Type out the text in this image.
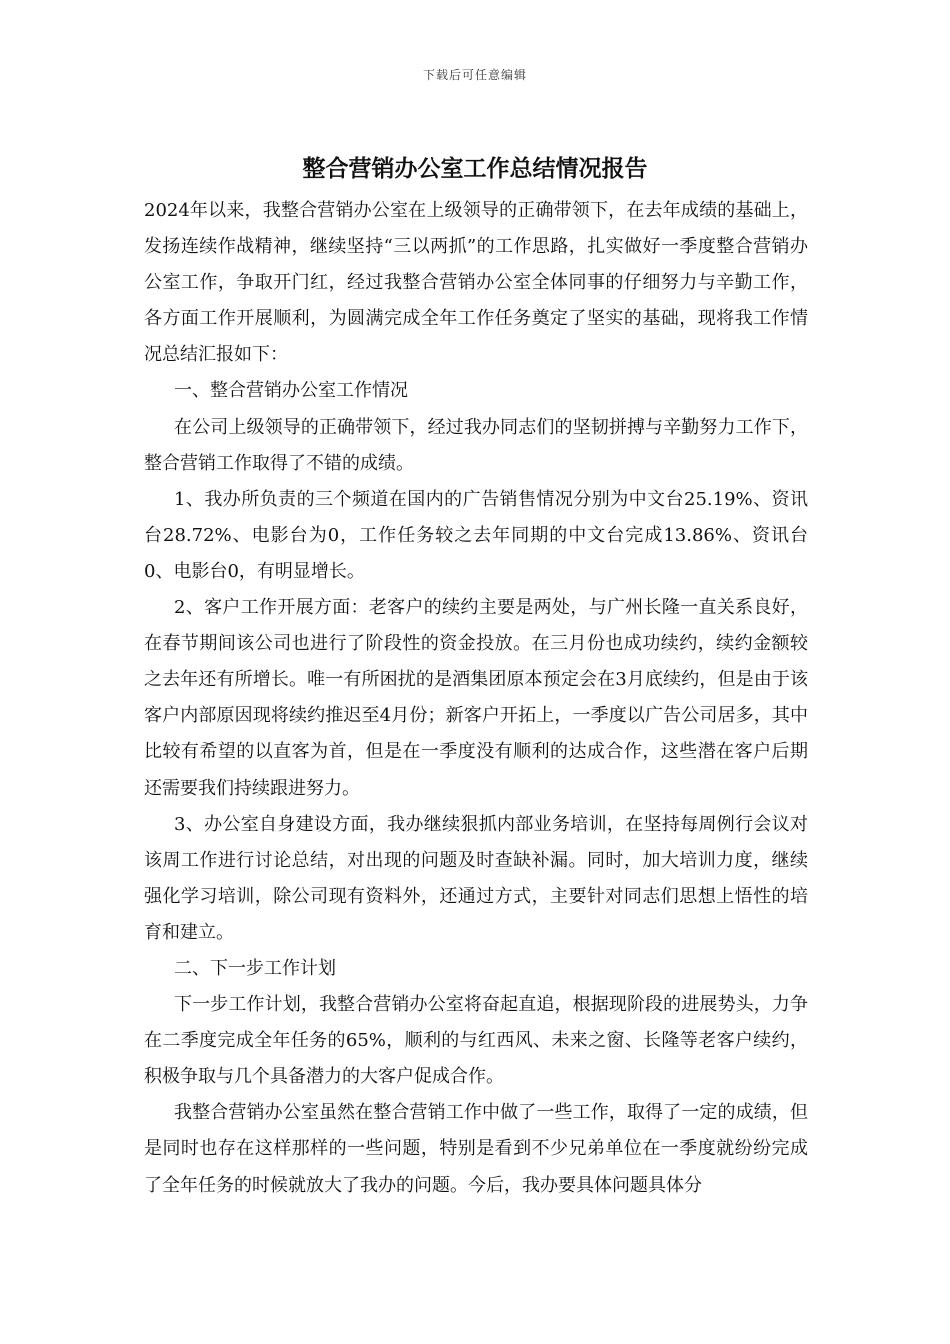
下载后可任意编辑
整合营销办公室工作总结情况报告

2024年以来，我整合营销办公室在上级领导的正确带领下，在去年成绩的基础上，发扬连续作战精神，继续坚持“三以两抓”的工作思路，扎实做好一季度整合营销办公室工作，争取开门红，经过我整合营销办公室全体同事的仔细努力与辛勤工作，各方面工作开展顺利，为圆满完成全年工作任务奠定了坚实的基础，现将我工作情况总结汇报如下：

一、整合营销办公室工作情况

在公司上级领导的正确带领下，经过我办同志们的坚韧拼搏与辛勤努力工作下，整合营销工作取得了不错的成绩。

1、我办所负责的三个频道在国内的广告销售情况分别为中文台25.19%、资讯台28.72%、电影台为0，工作任务较之去年同期的中文台完成13.86%、资讯台0、电影台0，有明显增长。

2、客户工作开展方面：老客户的续约主要是两处，与广州长隆一直关系良好，在春节期间该公司也进行了阶段性的资金投放。在三月份也成功续约，续约金额较之去年还有所增长。唯一有所困扰的是酒集团原本预定会在3月底续约，但是由于该客户内部原因现将续约推迟至4月份；新客户开拓上，一季度以广告公司居多，其中比较有希望的以直客为首，但是在一季度没有顺利的达成合作，这些潜在客户后期还需要我们持续跟进努力。

3、办公室自身建设方面，我办继续狠抓内部业务培训，在坚持每周例行会议对该周工作进行讨论总结，对出现的问题及时查缺补漏。同时，加大培训力度，继续强化学习培训，除公司现有资料外，还通过方式，主要针对同志们思想上悟性的培育和建立。

二、下一步工作计划

下一步工作计划，我整合营销办公室将奋起直追，根据现阶段的进展势头，力争在二季度完成全年任务的65%，顺利的与红西风、未来之窗、长隆等老客户续约，积极争取与几个具备潜力的大客户促成合作。

我整合营销办公室虽然在整合营销工作中做了一些工作，取得了一定的成绩，但是同时也存在这样那样的一些问题，特别是看到不少兄弟单位在一季度就纷纷完成了全年任务的时候就放大了我办的问题。今后，我办要具体问题具体分
